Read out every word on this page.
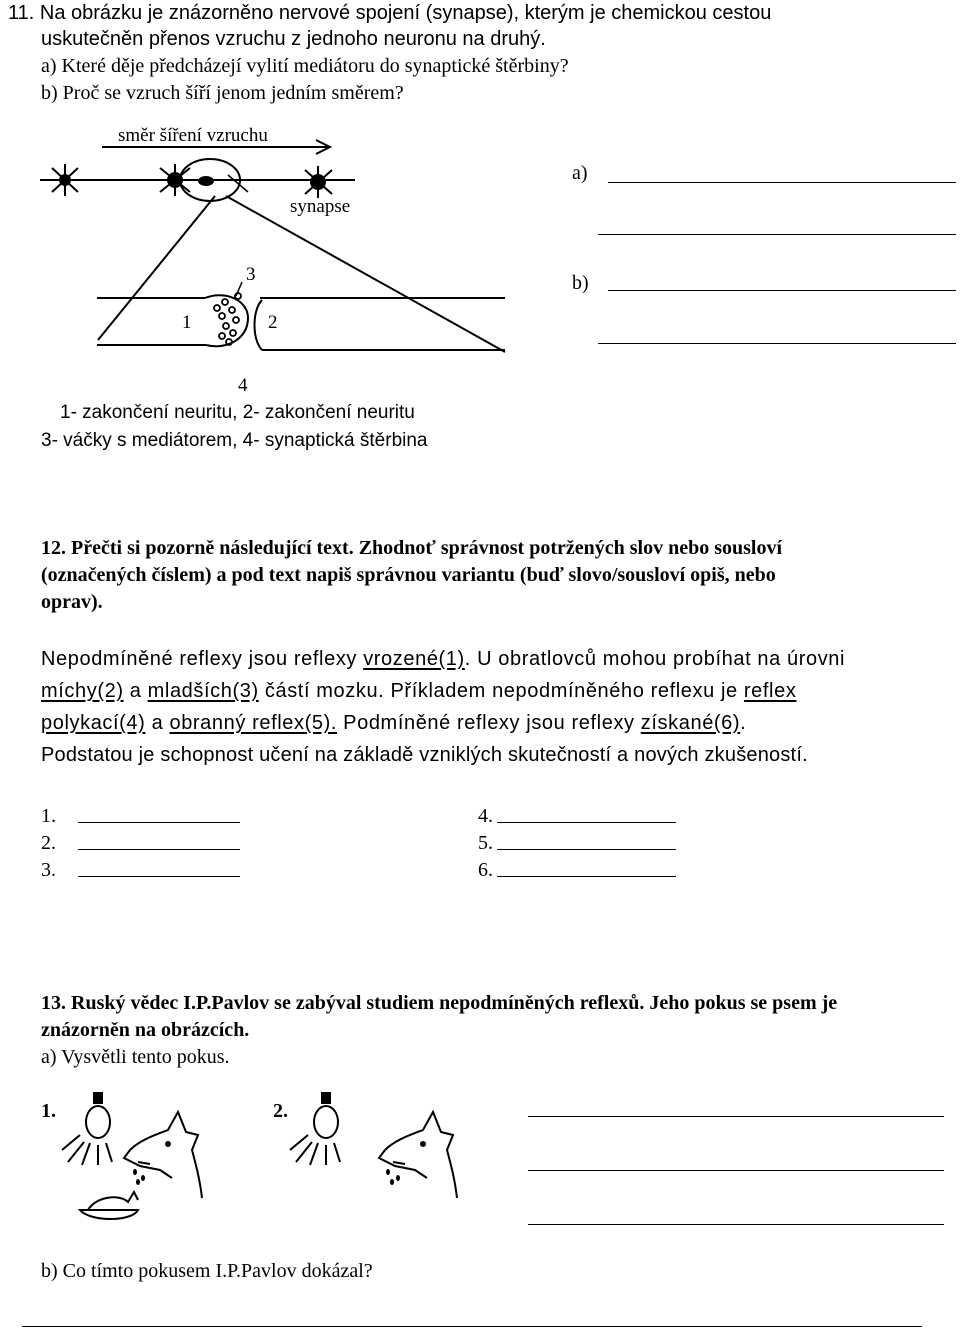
11. Na obrázku je znázorněno nervové spojení (synapse), kterým je chemickou cestou
uskutečněn přenos vzruchu z jednoho neuronu na druhý.
a) Které děje předcházejí vylití mediátoru do synaptické štěrbiny?
b) Proč se vzruch šíří jenom jedním směrem?
směr šíření vzruchu
synapse
3
1	2
4
1- zakončení neuritu, 2- zakončení neuritu
3- váčky s mediátorem, 4- synaptická štěrbina
a)
b)
12. Přečti si pozorně následující text. Zhodnoť správnost potržených slov nebo sousloví
(označených číslem) a pod text napiš správnou variantu (buď slovo/sousloví opiš, nebo
oprav).
Nepodmíněné reflexy jsou reflexy vrozené(1). U obratlovců mohou probíhat na úrovni
míchy(2) a mladších(3) částí mozku. Příkladem nepodmíněného reflexu je reflex
polykací(4) a obranný reflex(5). Podmíněné reflexy jsou reflexy získané(6).
Podstatou je schopnost učení na základě vzniklých skutečností a nových zkušeností.
1.
2.
3.
4.
5.
6.
13. Ruský vědec I.P.Pavlov se zabýval studiem nepodmíněných reflexů. Jeho pokus se psem je
znázorněn na obrázcích.
a) Vysvětli tento pokus.
1.	2.
b) Co tímto pokusem I.P.Pavlov dokázal?
